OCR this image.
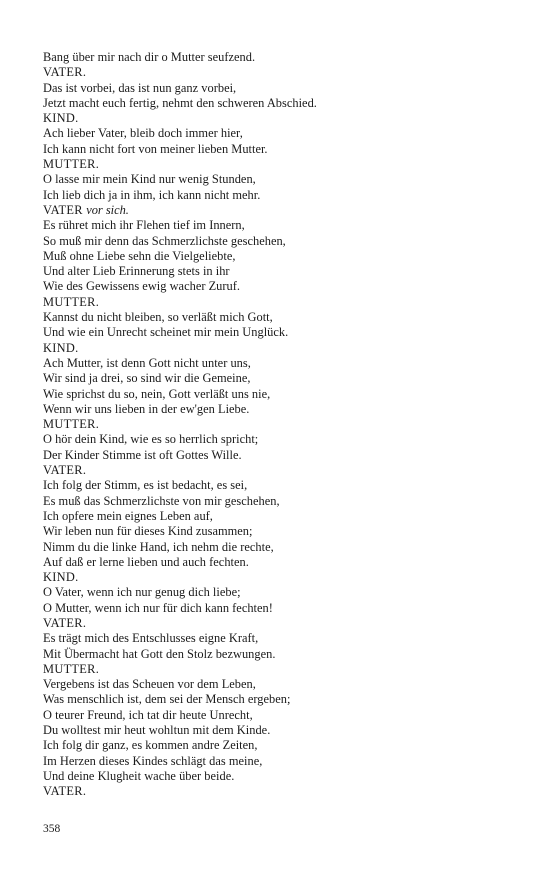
Bang über mir nach dir o Mutter seufzend.
VATER.
Das ist vorbei, das ist nun ganz vorbei,
Jetzt macht euch fertig, nehmt den schweren Abschied.
KIND.
Ach lieber Vater, bleib doch immer hier,
Ich kann nicht fort von meiner lieben Mutter.
MUTTER.
O lasse mir mein Kind nur wenig Stunden,
Ich lieb dich ja in ihm, ich kann nicht mehr.
VATER vor sich.
Es rühret mich ihr Flehen tief im Innern,
So muß mir denn das Schmerzlichste geschehen,
Muß ohne Liebe sehn die Vielgeliebte,
Und alter Lieb Erinnerung stets in ihr
Wie des Gewissens ewig wacher Zuruf.
MUTTER.
Kannst du nicht bleiben, so verläßt mich Gott,
Und wie ein Unrecht scheinet mir mein Unglück.
KIND.
Ach Mutter, ist denn Gott nicht unter uns,
Wir sind ja drei, so sind wir die Gemeine,
Wie sprichst du so, nein, Gott verläßt uns nie,
Wenn wir uns lieben in der ew'gen Liebe.
MUTTER.
O hör dein Kind, wie es so herrlich spricht;
Der Kinder Stimme ist oft Gottes Wille.
VATER.
Ich folg der Stimm, es ist bedacht, es sei,
Es muß das Schmerzlichste von mir geschehen,
Ich opfere mein eignes Leben auf,
Wir leben nun für dieses Kind zusammen;
Nimm du die linke Hand, ich nehm die rechte,
Auf daß er lerne lieben und auch fechten.
KIND.
O Vater, wenn ich nur genug dich liebe;
O Mutter, wenn ich nur für dich kann fechten!
VATER.
Es trägt mich des Entschlusses eigne Kraft,
Mit Übermacht hat Gott den Stolz bezwungen.
MUTTER.
Vergebens ist das Scheuen vor dem Leben,
Was menschlich ist, dem sei der Mensch ergeben;
O teurer Freund, ich tat dir heute Unrecht,
Du wolltest mir heut wohltun mit dem Kinde.
Ich folg dir ganz, es kommen andre Zeiten,
Im Herzen dieses Kindes schlägt das meine,
Und deine Klugheit wache über beide.
VATER.
358
